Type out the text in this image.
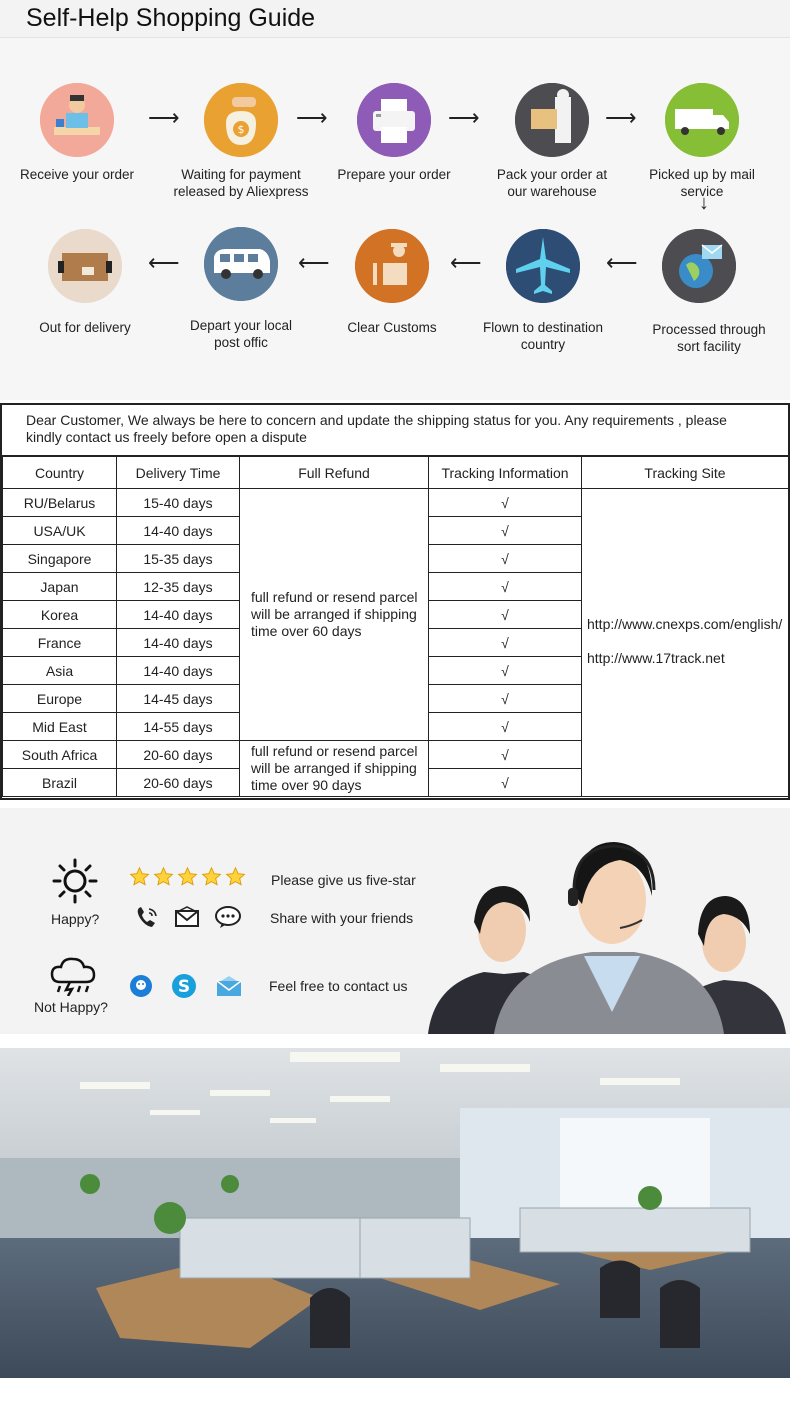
Self-Help Shopping Guide
Receive your order
⟶	$
Waiting for payment released by Aliexpress
⟶
Prepare your order
⟶
Pack your order at our warehouse
⟶
Picked up by mail service
↓
Out for delivery
⟵
Depart your local post offic
⟵
Clear Customs
⟵
Flown to destination country
⟵
Processed through sort facility
Dear Customer, We always be here to concern and update the shipping status for you. Any requirements , please kindly contact us freely before open a dispute
Country	Delivery Time	Full Refund	Tracking Information	Tracking Site
RU/Belarus	15-40 days	full refund or resend parcel will be arranged if shipping time over 60 days	√	http://www.cnexps.com/english/
http://www.17track.net

USA/UK	14-40 days		√	
Singapore	15-35 days		√	
Japan	12-35 days		√	
Korea	14-40 days		√	
France	14-40 days		√	
Asia	14-40 days		√	
Europe	14-45 days		√	
Mid East	14-55 days		√	
South Africa	20-60 days	full refund or resend parcel will be arranged if shipping time over 90 days	√	
Brazil	20-60 days		√	
Happy?
Not Happy?
Please give us five-star
Share with your friends
S	Feel free to contact us
